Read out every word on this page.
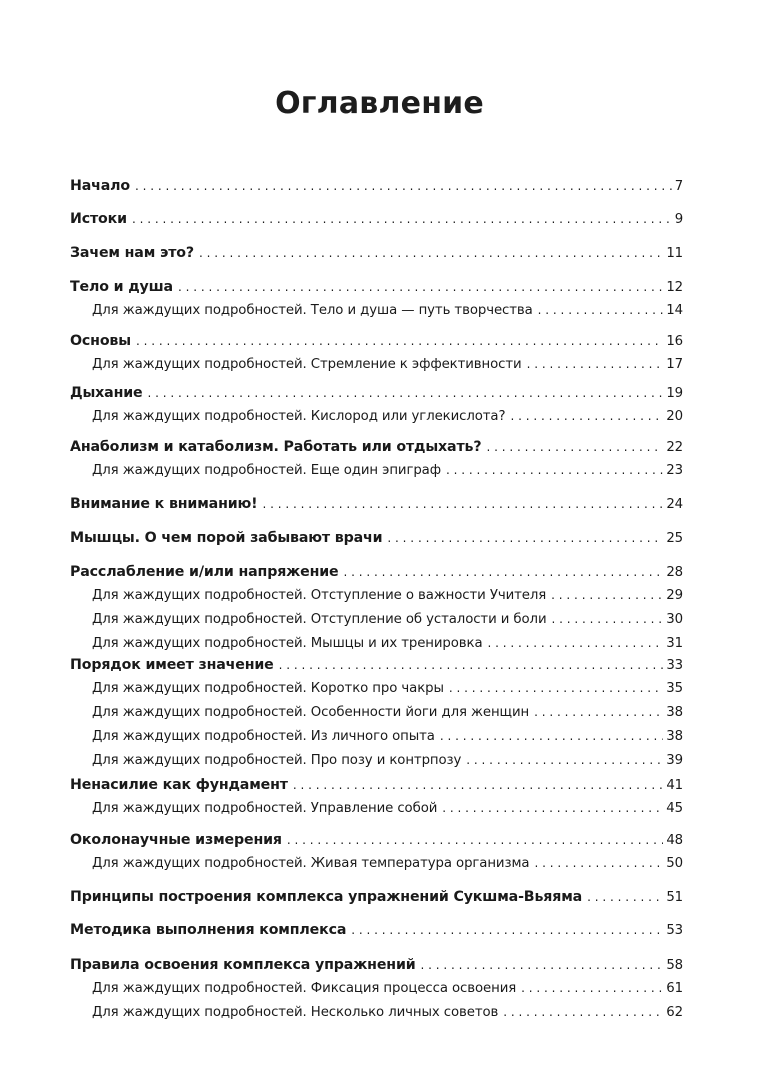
Оглавление
Начало . . .	7
Истоки . . .	9
Зачем нам это? . . .	11
Тело и душа . . .	12
Для жаждущих подробностей. Тело и душа — путь творчества . . .	14
Основы . . .	16
Для жаждущих подробностей. Стремление к эффективности . . .	17
Дыхание . . .	19
Для жаждущих подробностей. Кислород или углекислота? . . .	20
Анаболизм и катаболизм. Работать или отдыхать? . . .	22
Для жаждущих подробностей. Еще один эпиграф . . .	23
Внимание к вниманию! . . .	24
Мышцы. О чем порой забывают врачи . . .	25
Расслабление и/или напряжение . . .	28
Для жаждущих подробностей. Отступление о важности Учителя . . .	29
Для жаждущих подробностей. Отступление об усталости и боли . . .	30
Для жаждущих подробностей. Мышцы и их тренировка . . .	31
Порядок имеет значение . . .	33
Для жаждущих подробностей. Коротко про чакры . . .	35
Для жаждущих подробностей. Особенности йоги для женщин . . .	38
Для жаждущих подробностей. Из личного опыта . . .	38
Для жаждущих подробностей. Про позу и контрпозу . . .	39
Ненасилие как фундамент . . .	41
Для жаждущих подробностей. Управление собой . . .	45
Околонаучные измерения . . .	48
Для жаждущих подробностей. Живая температура организма . . .	50
Принципы построения комплекса упражнений Сукшма-Вьяяма . . .	51
Методика выполнения комплекса . . .	53
Правила освоения комплекса упражнений . . .	58
Для жаждущих подробностей. Фиксация процесса освоения . . .	61
Для жаждущих подробностей. Несколько личных советов . . .	62
